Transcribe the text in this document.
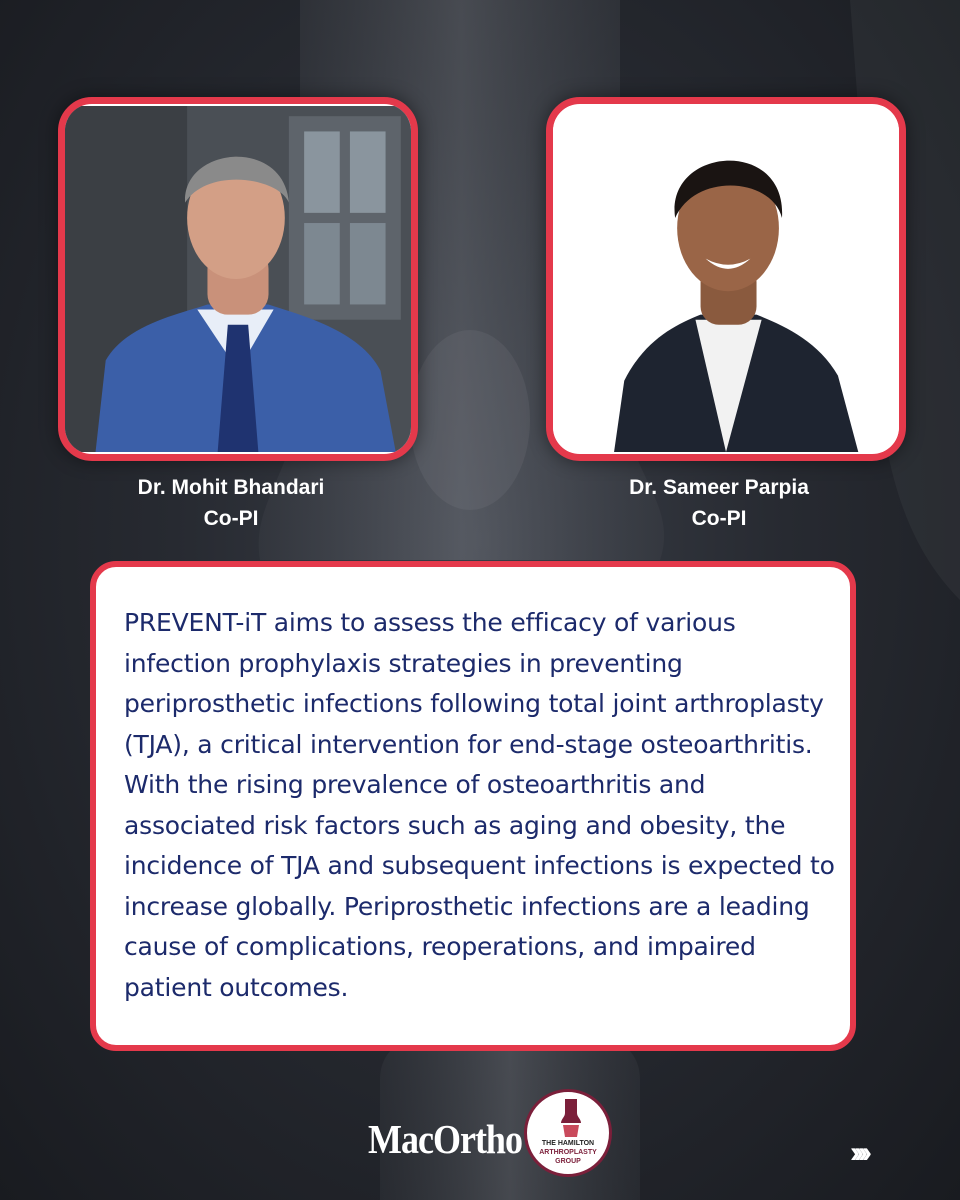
Dr. Mohit Bhandari
Co-PI
Dr. Sameer Parpia
Co-PI

PREVENT-iT aims to assess the efficacy of various infection prophylaxis strategies in preventing periprosthetic infections following total joint arthroplasty (TJA), a critical intervention for end-stage osteoarthritis. With the rising prevalence of osteoarthritis and associated risk factors such as aging and obesity, the incidence of TJA and subsequent infections is expected to increase globally. Periprosthetic infections are a leading cause of complications, reoperations, and impaired patient outcomes.

MacOrtho	THE HAMILTON
ARTHROPLASTY
GROUP	››››
